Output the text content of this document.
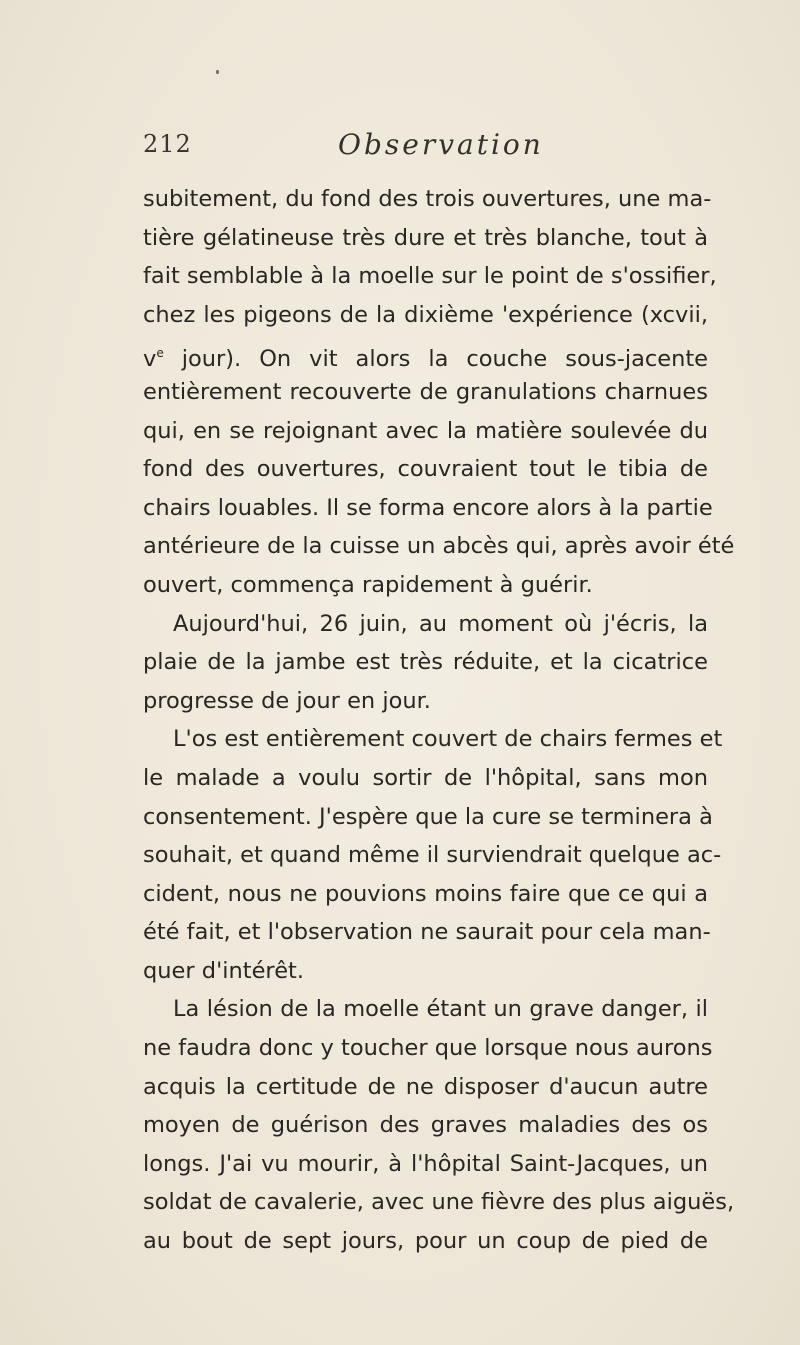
212	Observation
subitement, du fond des trois ouvertures, une ma-
tière gélatineuse très dure et très blanche, tout à
fait semblable à la moelle sur le point de s'ossifier,
chez les pigeons de la dixième 'expérience (xcvii,
$v^e$ jour). On vit alors la couche sous-jacente
entièrement recouverte de granulations charnues
qui, en se rejoignant avec la matière soulevée du
fond des ouvertures, couvraient tout le tibia de
chairs louables. Il se forma encore alors à la partie
antérieure de la cuisse un abcès qui, après avoir été
ouvert, commença rapidement à guérir.
Aujourd'hui, 26 juin, au moment où j'écris, la
plaie de la jambe est très réduite, et la cicatrice
progresse de jour en jour.
L'os est entièrement couvert de chairs fermes et
le malade a voulu sortir de l'hôpital, sans mon
consentement. J'espère que la cure se terminera à
souhait, et quand même il surviendrait quelque ac-
cident, nous ne pouvions moins faire que ce qui a
été fait, et l'observation ne saurait pour cela man-
quer d'intérêt.
La lésion de la moelle étant un grave danger, il
ne faudra donc y toucher que lorsque nous aurons
acquis la certitude de ne disposer d'aucun autre
moyen de guérison des graves maladies des os
longs. J'ai vu mourir, à l'hôpital Saint-Jacques, un
soldat de cavalerie, avec une fièvre des plus aiguës,
au bout de sept jours, pour un coup de pied de
